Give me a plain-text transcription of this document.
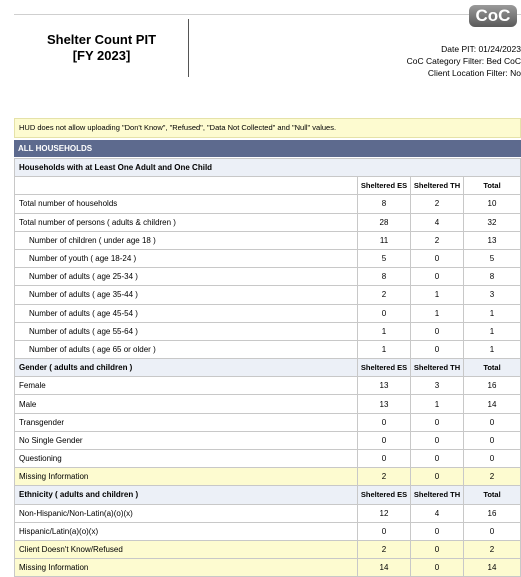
Shelter Count PIT
[FY 2023]
CoC
Date PIT: 01/24/2023
CoC Category Filter: Bed CoC
Client Location Filter: No
HUD does not allow uploading "Don't Know", "Refused", "Data Not Collected" and "Null" values.
ALL HOUSEHOLDS
Households with at Least One Adult and One Child			
	Sheltered ES	Sheltered TH	Total
Total number of households	8	2	10
Total number of persons ( adults & children )	28	4	32
Number of children ( under age 18 )	11	2	13
Number of youth ( age 18-24 )	5	0	5
Number of adults ( age 25-34 )	8	0	8
Number of adults ( age 35-44 )	2	1	3
Number of adults ( age 45-54 )	0	1	1
Number of adults ( age 55-64 )	1	0	1
Number of adults ( age 65 or older )	1	0	1
Gender ( adults and children )	Sheltered ES	Sheltered TH	Total
Female	13	3	16
Male	13	1	14
Transgender	0	0	0
No Single Gender	0	0	0
Questioning	0	0	0
Missing Information	2	0	2
Ethnicity ( adults and children )	Sheltered ES	Sheltered TH	Total
Non-Hispanic/Non-Latin(a)(o)(x)	12	4	16
Hispanic/Latin(a)(o)(x)	0	0	0
Client Doesn't Know/Refused	2	0	2
Missing Information	14	0	14
